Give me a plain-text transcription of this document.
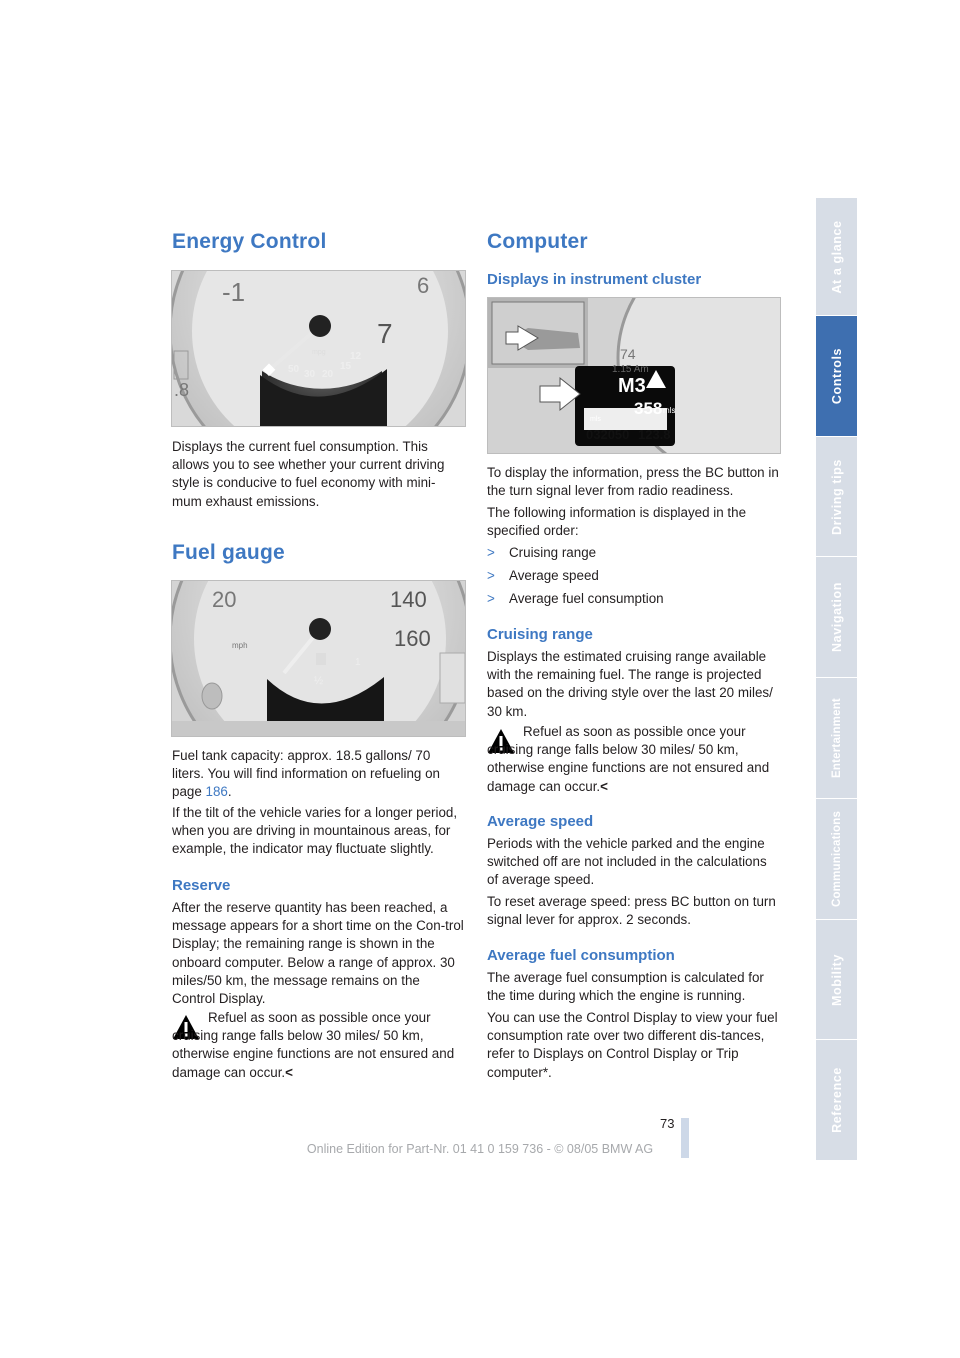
Energy Control
-1	6
7
.8
mpg
50 30 20
15
12

Displays the current fuel consumption. This allows you to see whether your current driving style is conducive to fuel economy with mini-mum exhaust emissions.

Fuel gauge
20	140
160
mph
1
½

Fuel tank capacity: approx. 18.5 gallons/ 70 liters. You will find information on refueling on page 186.

If the tilt of the vehicle varies for a longer period, when you are driving in mountainous areas, for example, the indicator may fluctuate slightly.

Reserve

After the reserve quantity has been reached, a message appears for a short time on the Con-trol Display; the remaining range is shown in the onboard computer. Below a range of approx. 30 miles/50 km, the message remains on the Control Display.

Refuel as soon as possible once your cruising range falls below 30 miles/ 50 km, otherwise engine functions are not ensured and damage can occur.<

Computer
Displays in instrument cluster
M3
358 mls
mls
032050 123.8
74
1.15 Am

To display the information, press the BC button in the turn signal lever from radio readiness.

The following information is displayed in the specified order:

> Cruising range
> Average speed
> Average fuel consumption
Cruising range

Displays the estimated cruising range available with the remaining fuel. The range is projected based on the driving style over the last 20 miles/ 30 km.

Refuel as soon as possible once your cruising range falls below 30 miles/ 50 km, otherwise engine functions are not ensured and damage can occur.<

Average speed

Periods with the vehicle parked and the engine switched off are not included in the calculations of average speed.

To reset average speed: press BC button on turn signal lever for approx. 2 seconds.

Average fuel consumption

The average fuel consumption is calculated for the time during which the engine is running.

You can use the Control Display to view your fuel consumption rate over two different dis-tances, refer to Displays on Control Display or Trip computer*.

At a glance
Controls
Driving tips
Navigation
Entertainment
Communications
Mobility
Reference
73
Online Edition for Part-Nr. 01 41 0 159 736 - © 08/05 BMW AG
